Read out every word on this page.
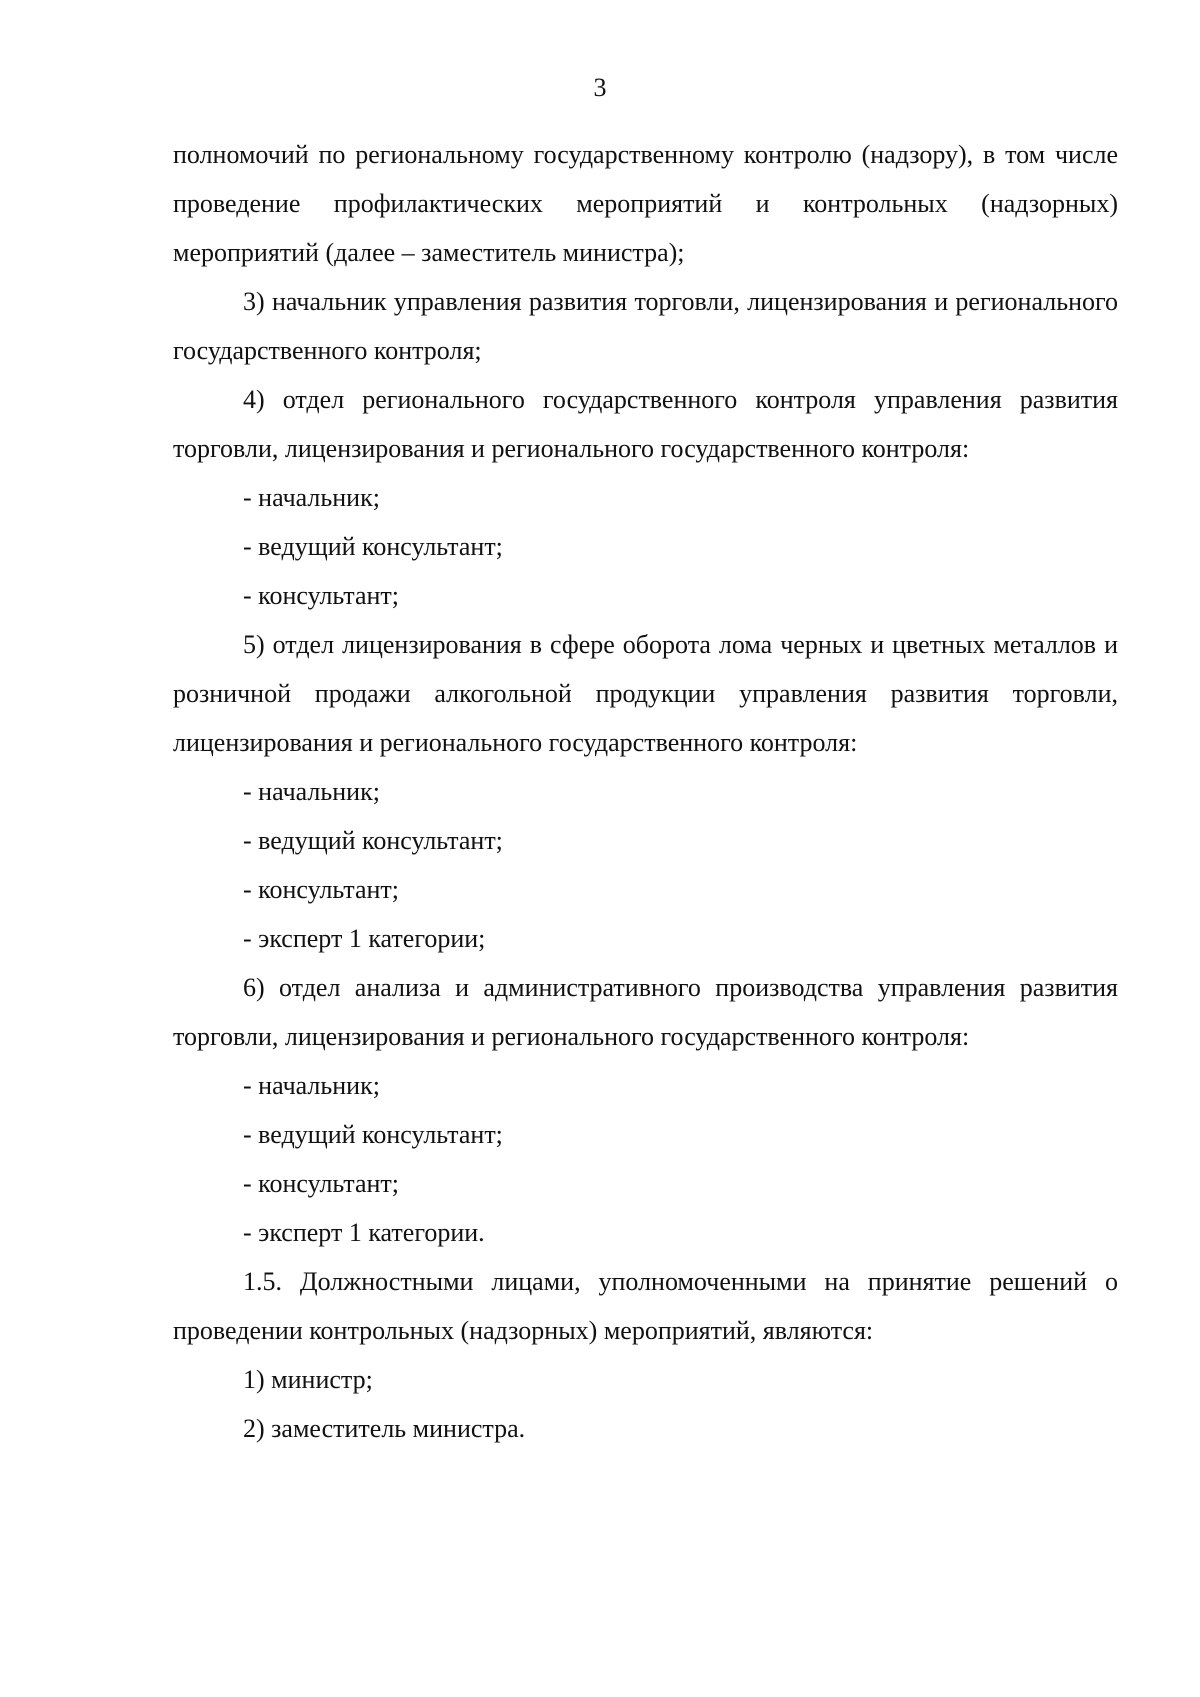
3

полномочий по региональному государственному контролю (надзору), в том числе проведение профилактических мероприятий и контрольных (надзорных) мероприятий (далее – заместитель министра);

3) начальник управления развития торговли, лицензирования и регионального государственного контроля;

4) отдел регионального государственного контроля управления развития торговли, лицензирования и регионального государственного контроля:

- начальник;

- ведущий консультант;

- консультант;

5) отдел лицензирования в сфере оборота лома черных и цветных металлов и розничной продажи алкогольной продукции управления развития торговли, лицензирования и регионального государственного контроля:

- начальник;

- ведущий консультант;

- консультант;

- эксперт 1 категории;

6) отдел анализа и административного производства управления развития торговли, лицензирования и регионального государственного контроля:

- начальник;

- ведущий консультант;

- консультант;

- эксперт 1 категории.

1.5. Должностными лицами, уполномоченными на принятие решений о проведении контрольных (надзорных) мероприятий, являются:

1) министр;

2) заместитель министра.
